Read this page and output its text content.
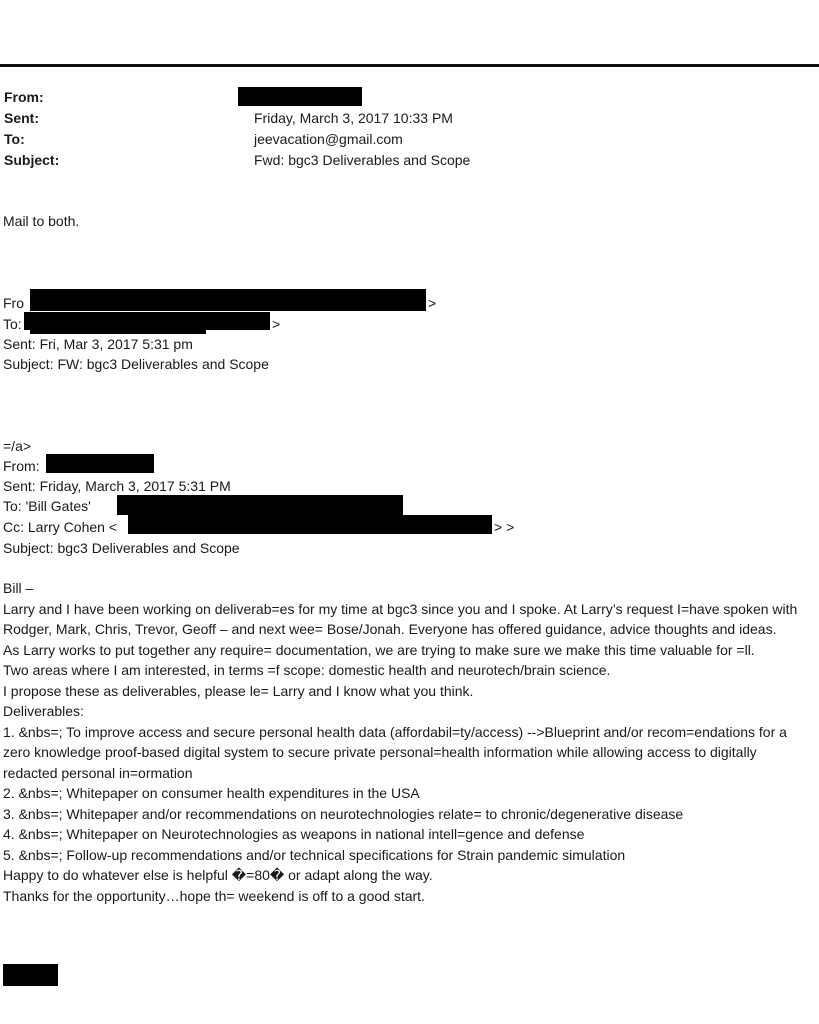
From:
Sent:	Friday, March 3, 2017 10:33 PM
To:	jeevacation@gmail.com
Subject:	Fwd: bgc3 Deliverables and Scope
Mail to both.
Fro	>
To:	>
Sent: Fri, Mar 3, 2017 5:31 pm
Subject: FW: bgc3 Deliverables and Scope
=/a>
From:
Sent: Friday, March 3, 2017 5:31 PM
To: 'Bill Gates'
Cc: Larry Cohen <	> >
Subject: bgc3 Deliverables and Scope

Bill –

Larry and I have been working on deliverab=es for my time at bgc3 since you and I spoke. At Larry’s request I=have spoken with Rodger, Mark, Chris, Trevor, Geoff – and next wee= Bose/Jonah. Everyone has offered guidance, advice thoughts and ideas.

As Larry works to put together any require= documentation, we are trying to make sure we make this time valuable for =ll.

Two areas where I am interested, in terms =f scope: domestic health and neurotech/brain science.

I propose these as deliverables, please le= Larry and I know what you think.

Deliverables:

1. &nbs=; To improve access and secure personal health data (affordabil=ty/access) -->Blueprint and/or recom=endations for a zero knowledge proof-based digital system to secure private personal=health information while allowing access to digitally redacted personal in=ormation

2. &nbs=; Whitepaper on consumer health expenditures in the USA

3. &nbs=; Whitepaper and/or recommendations on neurotechnologies relate= to chronic/degenerative disease

4. &nbs=; Whitepaper on Neurotechnologies as weapons in national intell=gence and defense

5. &nbs=; Follow-up recommendations and/or technical specifications for Strain pandemic simulation

Happy to do whatever else is helpful �=80� or adapt along the way.

Thanks for the opportunity…hope th= weekend is off to a good start.
